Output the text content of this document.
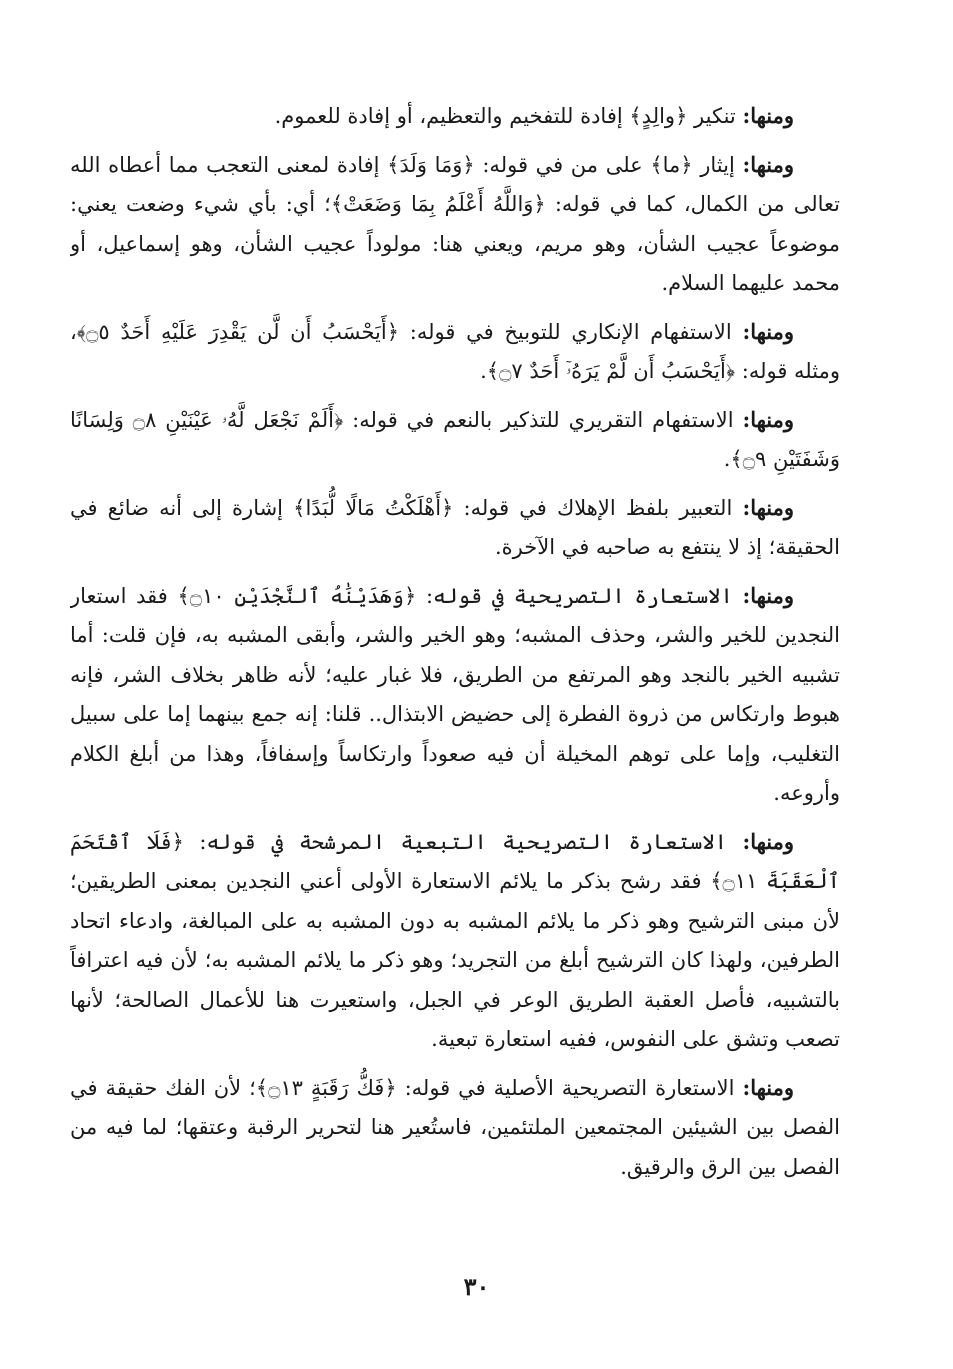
ومنها: تنكير ﴿والِدٍ﴾ إفادة للتفخيم والتعظيم، أو إفادة للعموم.

ومنها: إيثار ﴿ما﴾ على من في قوله: ﴿وَمَا وَلَدَ﴾ إفادة لمعنى التعجب مما أعطاه الله تعالى من الكمال، كما في قوله: ﴿وَاللَّهُ أَعْلَمُ بِمَا وَضَعَتْ﴾؛ أي: بأي شيء وضعت يعني: موضوعاً عجيب الشأن، وهو مريم، ويعني هنا: مولوداً عجيب الشأن، وهو إسماعيل، أو محمد عليهما السلام.

ومنها: الاستفهام الإنكاري للتوبيخ في قوله: ﴿أَيَحْسَبُ أَن لَّن يَقْدِرَ عَلَيْهِ أَحَدٌ ۝٥﴾، ومثله قوله: ﴿أَيَحْسَبُ أَن لَّمْ يَرَهُۥٓ أَحَدٌ ۝٧﴾.

ومنها: الاستفهام التقريري للتذكير بالنعم في قوله: ﴿أَلَمْ نَجْعَل لَّهُۥ عَيْنَيْنِ ۝٨ وَلِسَانًا وَشَفَتَيْنِ ۝٩﴾.

ومنها: التعبير بلفظ الإهلاك في قوله: ﴿أَهْلَكْتُ مَالًا لُّبَدًا﴾ إشارة إلى أنه ضائع في الحقيقة؛ إذ لا ينتفع به صاحبه في الآخرة.

ومنها: الاستعارة التصريحية في قوله: ﴿وَهَدَيْنَٰهُ ٱلنَّجْدَيْنِ ۝١٠﴾ فقد استعار النجدين للخير والشر، وحذف المشبه؛ وهو الخير والشر، وأبقى المشبه به، فإن قلت: أما تشبيه الخير بالنجد وهو المرتفع من الطريق، فلا غبار عليه؛ لأنه ظاهر بخلاف الشر، فإنه هبوط وارتكاس من ذروة الفطرة إلى حضيض الابتذال.. قلنا: إنه جمع بينهما إما على سبيل التغليب، وإما على توهم المخيلة أن فيه صعوداً وارتكاساً وإسفافاً، وهذا من أبلغ الكلام وأروعه.

ومنها: الاستعارة التصريحية التبعية المرشحة في قوله: ﴿فَلَا ٱقْتَحَمَ ٱلْعَقَبَةَ ۝١١﴾ فقد رشح بذكر ما يلائم الاستعارة الأولى أعني النجدين بمعنى الطريقين؛ لأن مبنى الترشيح وهو ذكر ما يلائم المشبه به دون المشبه به على المبالغة، وادعاء اتحاد الطرفين، ولهذا كان الترشيح أبلغ من التجريد؛ وهو ذكر ما يلائم المشبه به؛ لأن فيه اعترافاً بالتشبيه، فأصل العقبة الطريق الوعر في الجبل، واستعيرت هنا للأعمال الصالحة؛ لأنها تصعب وتشق على النفوس، ففيه استعارة تبعية.

ومنها: الاستعارة التصريحية الأصلية في قوله: ﴿فَكُّ رَقَبَةٍ ۝١٣﴾؛ لأن الفك حقيقة في الفصل بين الشيئين المجتمعين الملتئمين، فاستُعير هنا لتحرير الرقبة وعتقها؛ لما فيه من الفصل بين الرق والرقيق.

٣٠
